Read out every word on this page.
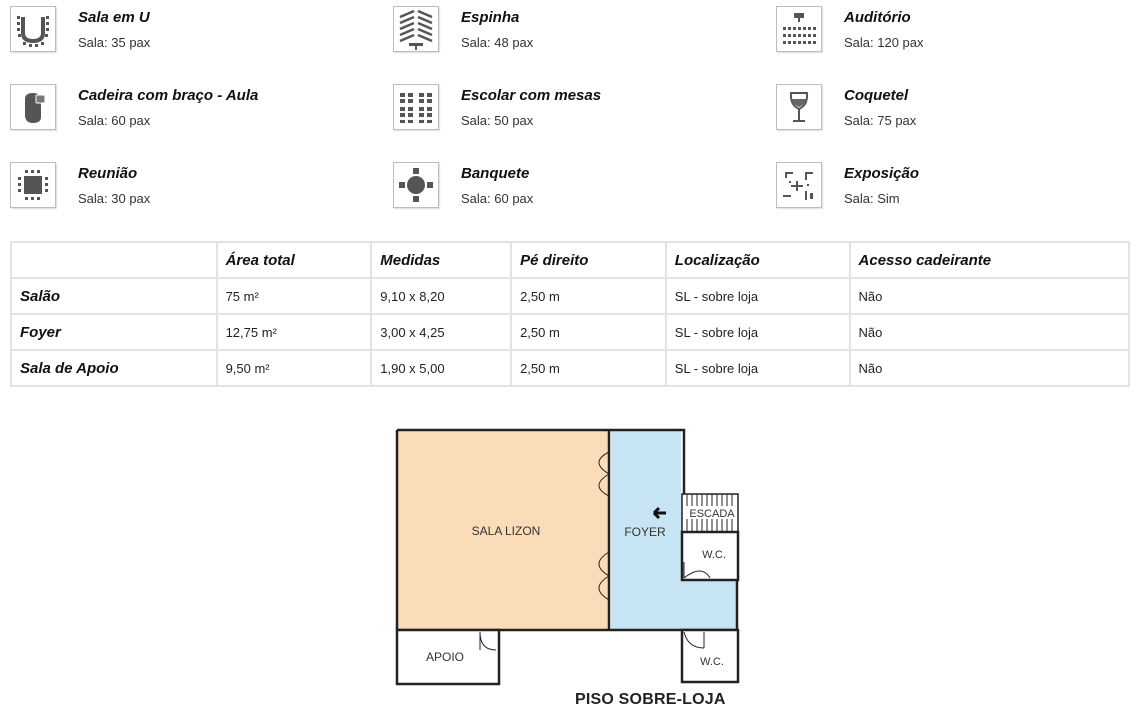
Sala em U
Sala: 35 pax
Espinha
Sala: 48 pax
Auditório
Sala: 120 pax
Cadeira com braço - Aula
Sala: 60 pax
Escolar com mesas
Sala: 50 pax
Coquetel
Sala: 75 pax
Reunião
Sala: 30 pax
Banquete
Sala: 60 pax
Exposição
Sala: Sim
	Área total	Medidas	Pé direito	Localização	Acesso cadeirante
Salão	75 m²	9,10 x 8,20	2,50 m	SL - sobre loja	Não
Foyer	12,75 m²	3,00 x 4,25	2,50 m	SL - sobre loja	Não
Sala de Apoio	9,50 m²	1,90 x 5,00	2,50 m	SL - sobre loja	Não
SALA LIZON	FOYER
ESCADA
W.C.
W.C.
APOIO
PISO SOBRE-LOJA
